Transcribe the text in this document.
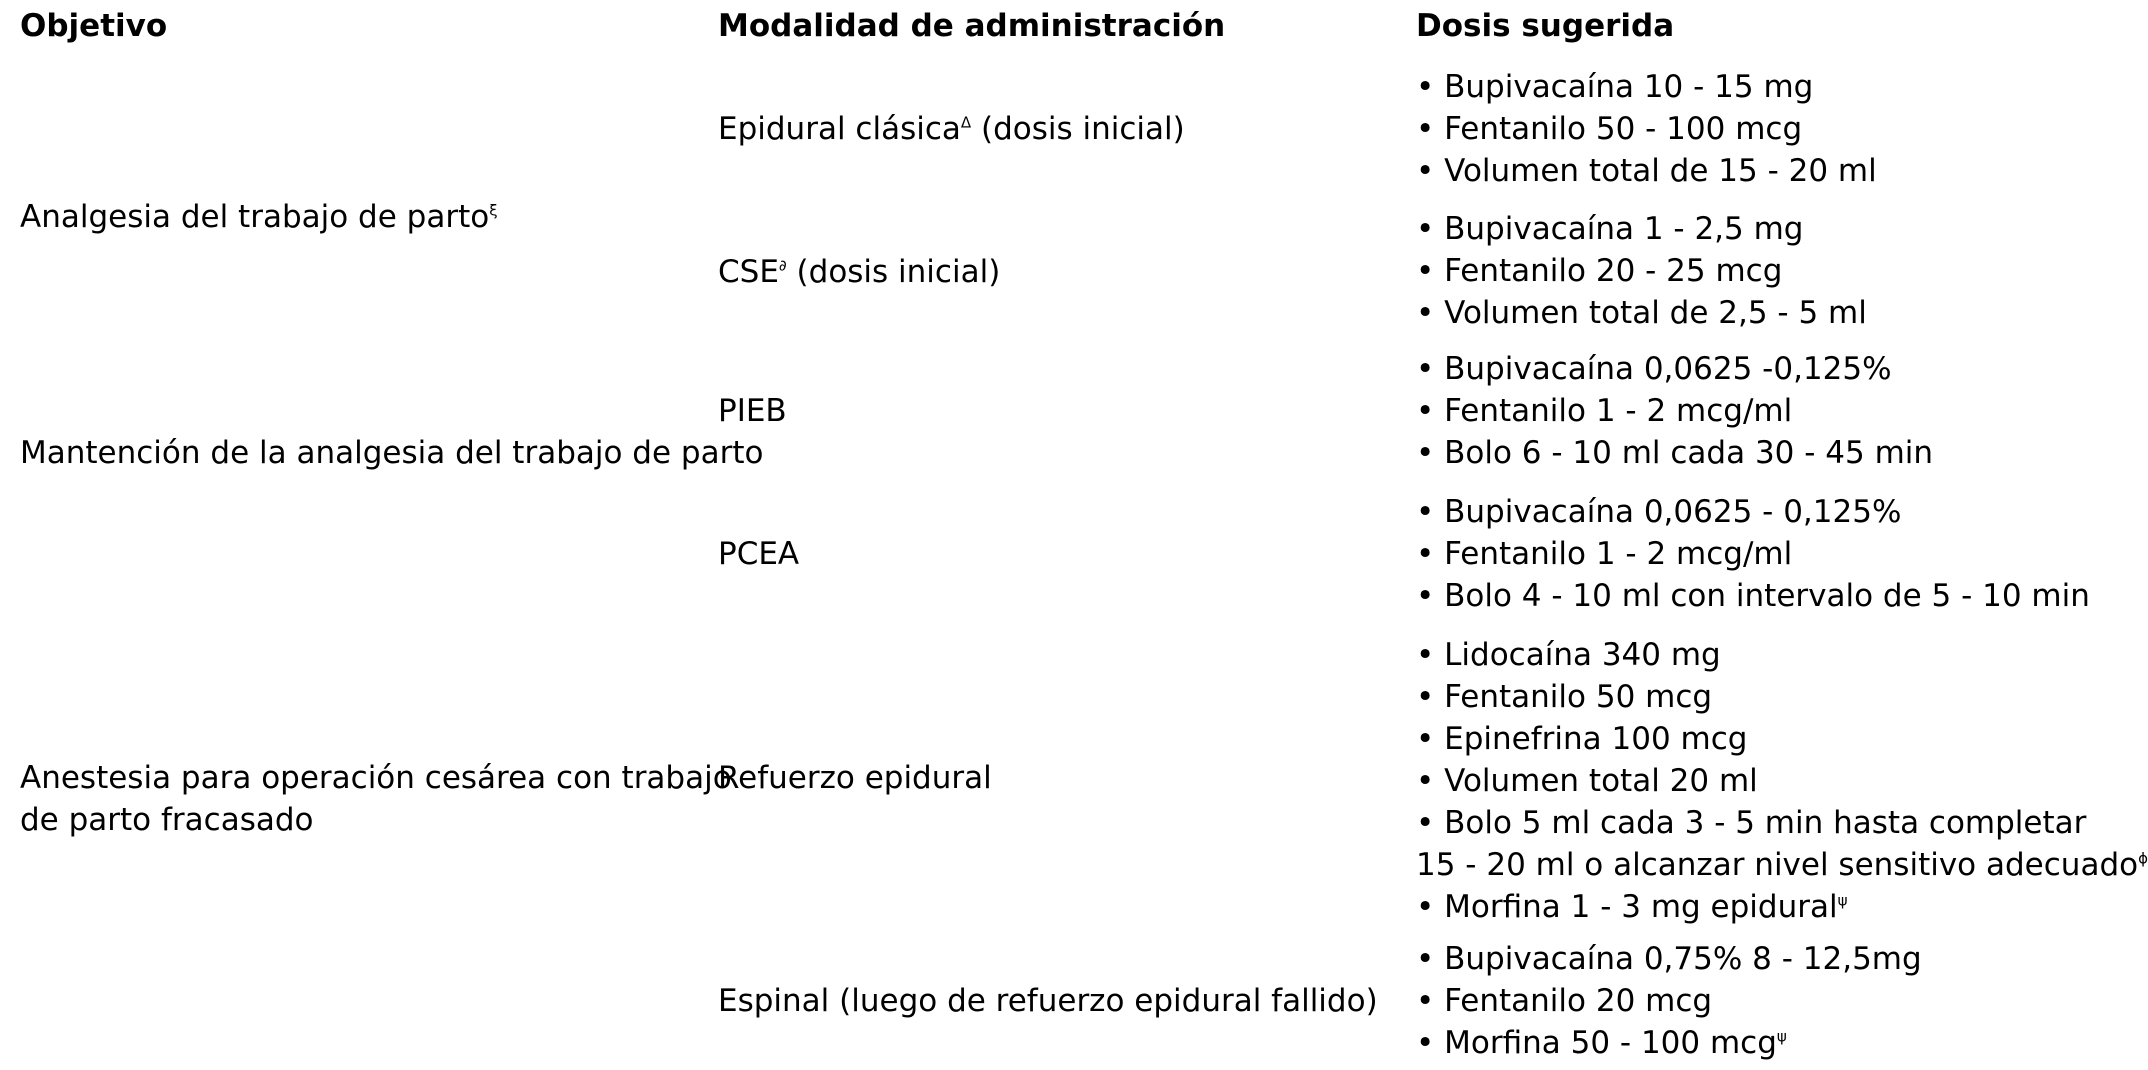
Objetivo	Modalidad de administración	Dosis sugerida
Analgesia del trabajo de parto$^\xi$
Epidural clásica$^\Delta$ (dosis inicial)
• Bupivacaína 10 - 15 mg
• Fentanilo 50 - 100 mcg
• Volumen total de 15 - 20 ml
CSE∂ (dosis inicial)
• Bupivacaína 1 - 2,5 mg
• Fentanilo 20 - 25 mcg
• Volumen total de 2,5 - 5 ml
Mantención de la analgesia del trabajo de parto
PIEB
• Bupivacaína 0,0625 -0,125%
• Fentanilo 1 - 2 mcg/ml
• Bolo 6 - 10 ml cada 30 - 45 min
PCEA
• Bupivacaína 0,0625 - 0,125%
• Fentanilo 1 - 2 mcg/ml
• Bolo 4 - 10 ml con intervalo de 5 - 10 min
Anestesia para operación cesárea con trabajo
de parto fracasado
Refuerzo epidural
• Lidocaína 340 mg
• Fentanilo 50 mcg
• Epinefrina 100 mcg
• Volumen total 20 ml
• Bolo 5 ml cada 3 - 5 min hasta completar
15 - 20 ml o alcanzar nivel sensitivo adecuado$^\phi$
• Morfina 1 - 3 mg epidural$^\psi$
Espinal (luego de refuerzo epidural fallido)
• Bupivacaína 0,75% 8 - 12,5mg
• Fentanilo 20 mcg
• Morfina 50 - 100 mcg$^\psi$
